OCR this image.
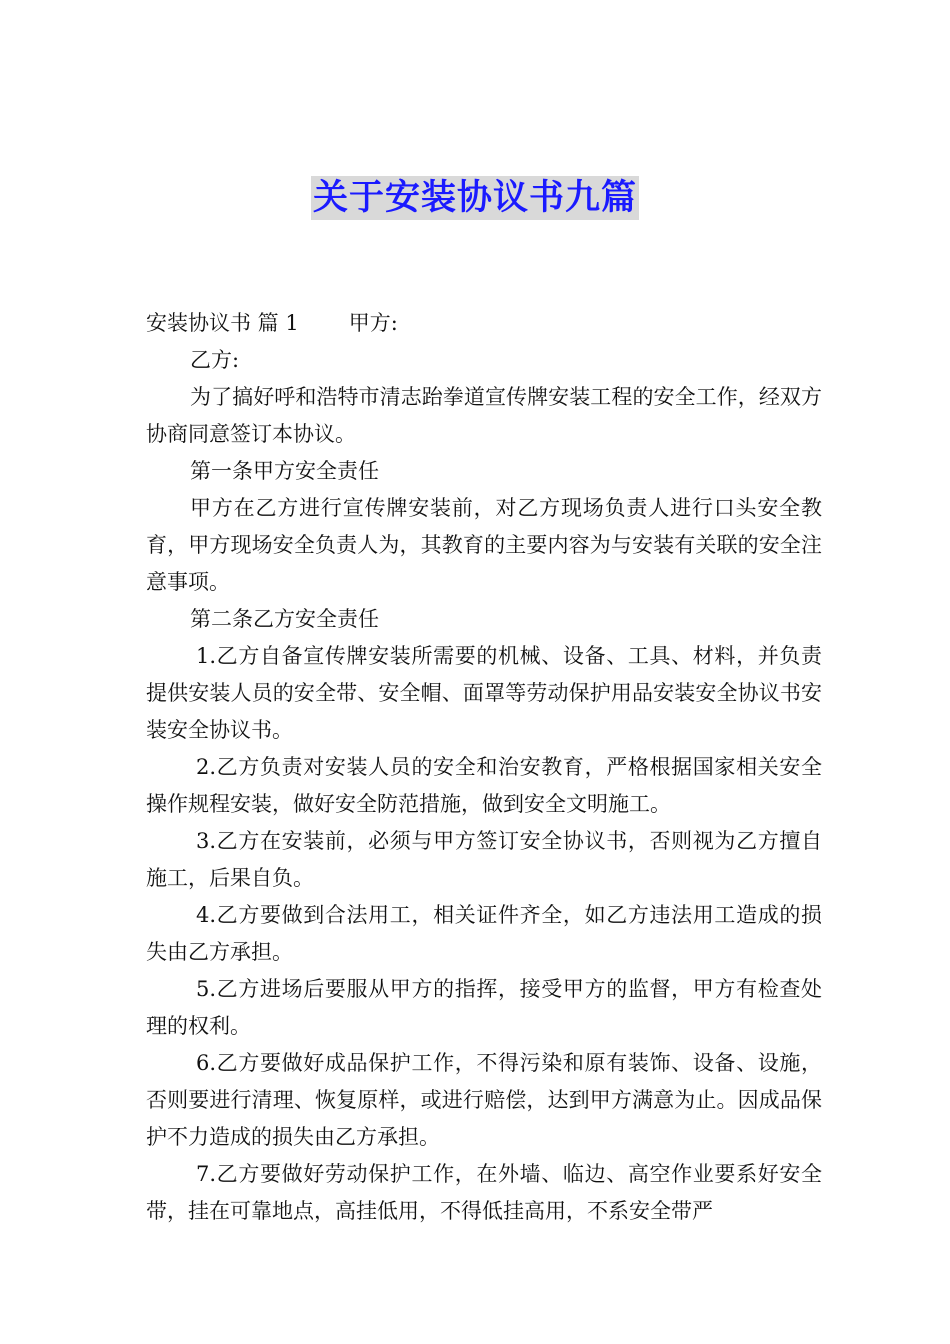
关于安装协议书九篇

安装协议书 篇 1 甲方:

乙方:

为了搞好呼和浩特市清志跆拳道宣传牌安装工程的安全工作，经双方协商同意签订本协议。

第一条甲方安全责任

甲方在乙方进行宣传牌安装前，对乙方现场负责人进行口头安全教育，甲方现场安全负责人为，其教育的主要内容为与安装有关联的安全注意事项。

第二条乙方安全责任

1.乙方自备宣传牌安装所需要的机械、设备、工具、材料，并负责提供安装人员的安全带、安全帽、面罩等劳动保护用品安装安全协议书安装安全协议书。

2.乙方负责对安装人员的安全和治安教育，严格根据国家相关安全操作规程安装，做好安全防范措施，做到安全文明施工。

3.乙方在安装前，必须与甲方签订安全协议书，否则视为乙方擅自施工，后果自负。

4.乙方要做到合法用工，相关证件齐全，如乙方违法用工造成的损失由乙方承担。

5.乙方进场后要服从甲方的指挥，接受甲方的监督，甲方有检查处理的权利。

6.乙方要做好成品保护工作，不得污染和原有装饰、设备、设施，否则要进行清理、恢复原样，或进行赔偿，达到甲方满意为止。因成品保护不力造成的损失由乙方承担。

7.乙方要做好劳动保护工作，在外墙、临边、高空作业要系好安全带，挂在可靠地点，高挂低用，不得低挂高用，不系安全带严
